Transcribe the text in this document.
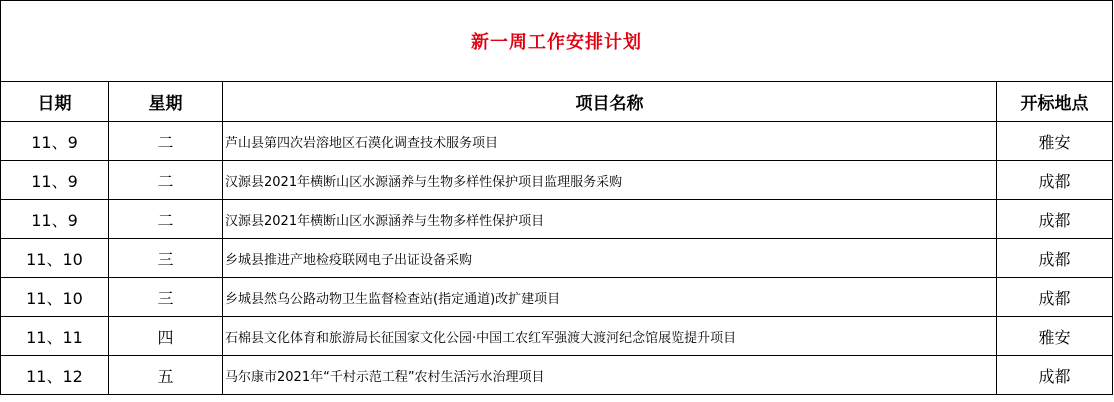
新一周工作安排计划			
日期	星期	项目名称	开标地点
11、9	二	芦山县第四次岩溶地区石漠化调查技术服务项目	雅安
11、9	二	汉源县2021年横断山区水源涵养与生物多样性保护项目监理服务采购	成都
11、9	二	汉源县2021年横断山区水源涵养与生物多样性保护项目	成都
11、10	三	乡城县推进产地检疫联网电子出证设备采购	成都
11、10	三	乡城县然乌公路动物卫生监督检查站(指定通道)改扩建项目	成都
11、11	四	石棉县文化体育和旅游局长征国家文化公园·中国工农红军强渡大渡河纪念馆展览提升项目	雅安
11、12	五	马尔康市2021年“千村示范工程”农村生活污水治理项目	成都
